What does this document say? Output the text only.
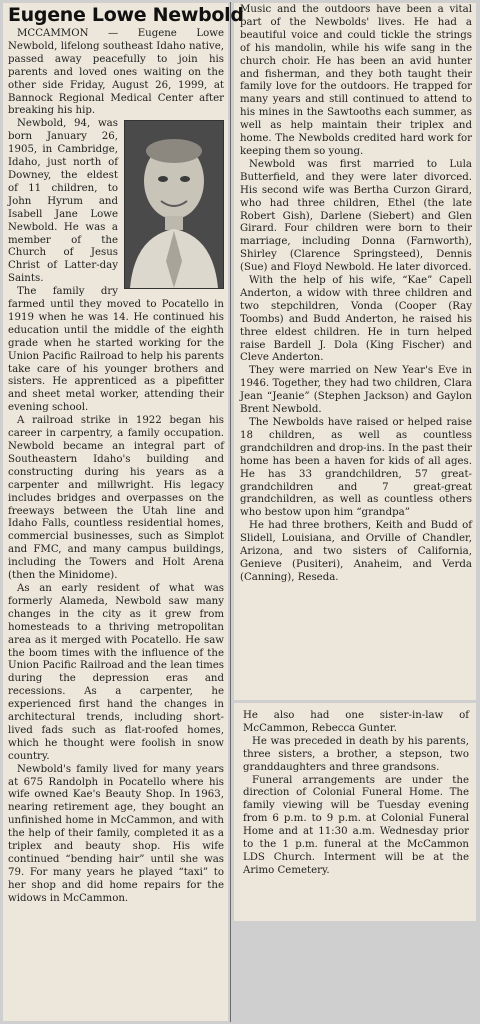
Eugene Lowe Newbold

MCCAMMON — Eugene Lowe Newbold, lifelong southeast Idaho native, passed away peacefully to join his parents and loved ones waiting on the other side Friday, August 26, 1999, at Bannock Regional Medical Center after breaking his hip.

Newbold, 94, was born January 26, 1905, in Cambridge, Idaho, just north of Downey, the eldest of 11 children, to John Hyrum and Isabell Jane Lowe Newbold. He was a member of the Church of Jesus Christ of Latter-day Saints.

The family dry farmed until they moved to Pocatello in 1919 when he was 14. He continued his education until the middle of the eighth grade when he started working for the Union Pacific Railroad to help his parents take care of his younger brothers and sisters. He apprenticed as a pipefitter and sheet metal worker, attending their evening school.

A railroad strike in 1922 began his career in carpentry, a family occupation. Newbold became an integral part of Southeastern Idaho's building and constructing during his years as a carpenter and millwright. His legacy includes bridges and overpasses on the freeways between the Utah line and Idaho Falls, countless residential homes, commercial businesses, such as Simplot and FMC, and many campus buildings, including the Towers and Holt Arena (then the Minidome).

As an early resident of what was formerly Alameda, Newbold saw many changes in the city as it grew from homesteads to a thriving metropolitan area as it merged with Pocatello. He saw the boom times with the influence of the Union Pacific Railroad and the lean times during the depression eras and recessions. As a carpenter, he experienced first hand the changes in architectural trends, including short-lived fads such as flat-roofed homes, which he thought were foolish in snow country.

Newbold's family lived for many years at 675 Randolph in Pocatello where his wife owned Kae's Beauty Shop. In 1963, nearing retirement age, they bought an unfinished home in McCammon, and with the help of their family, completed it as a triplex and beauty shop. His wife continued “bending hair” until she was 79. For many years he played “taxi” to her shop and did home repairs for the widows in McCammon.

Music and the outdoors have been a vital part of the Newbolds' lives. He had a beautiful voice and could tickle the strings of his mandolin, while his wife sang in the church choir. He has been an avid hunter and fisherman, and they both taught their family love for the outdoors. He trapped for many years and still continued to attend to his mines in the Sawtooths each summer, as well as help maintain their triplex and home. The Newbolds credited hard work for keeping them so young.

Newbold was first married to Lula Butterfield, and they were later divorced. His second wife was Bertha Curzon Girard, who had three children, Ethel (the late Robert Gish), Darlene (Siebert) and Glen Girard. Four children were born to their marriage, including Donna (Farnworth), Shirley (Clarence Springsteed), Dennis (Sue) and Floyd Newbold. He later divorced.

With the help of his wife, “Kae” Capell Anderton, a widow with three children and two stepchildren, Vonda (Cooper (Ray Toombs) and Budd Anderton, he raised his three eldest children. He in turn helped raise Bardell J. Dola (King Fischer) and Cleve Anderton.

They were married on New Year's Eve in 1946. Together, they had two children, Clara Jean “Jeanie” (Stephen Jackson) and Gaylon Brent Newbold.

The Newbolds have raised or helped raise 18 children, as well as countless grandchildren and drop-ins. In the past their home has been a haven for kids of all ages. He has 33 grandchildren, 57 great-grandchildren and 7 great-great grandchildren, as well as countless others who bestow upon him “grandpa”

He had three brothers, Keith and Budd of Slidell, Louisiana, and Orville of Chandler, Arizona, and two sisters of California, Genieve (Pusiteri), Anaheim, and Verda (Canning), Reseda.

He also had one sister-in-law of McCammon, Rebecca Gunter.

He was preceded in death by his parents, three sisters, a brother, a stepson, two granddaughters and three grandsons.

Funeral arrangements are under the direction of Colonial Funeral Home. The family viewing will be Tuesday evening from 6 p.m. to 9 p.m. at Colonial Funeral Home and at 11:30 a.m. Wednesday prior to the 1 p.m. funeral at the McCammon LDS Church. Interment will be at the Arimo Cemetery.
